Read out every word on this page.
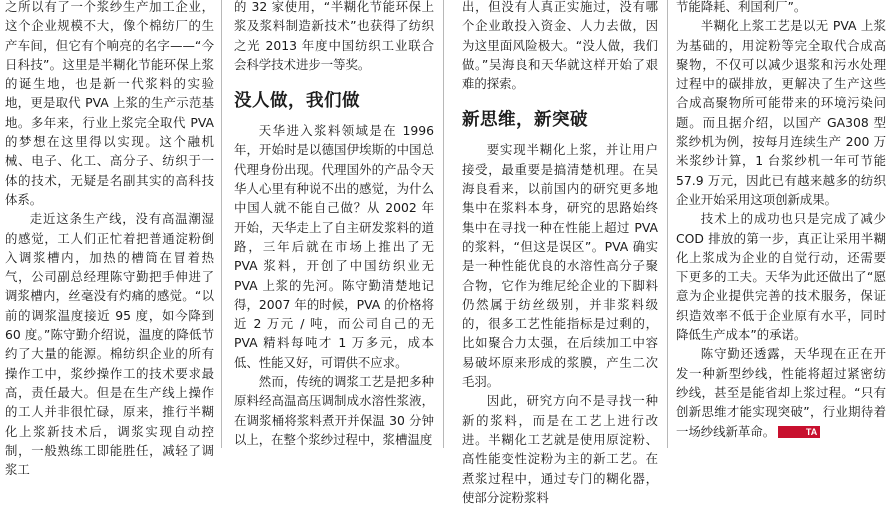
之所以有了一个浆纱生产加工企业，这个企业规模不大，像个棉纺厂的生产车间，但它有个响亮的名字——“今日科技”。这里是半糊化节能环保上浆的诞生地，也是新一代浆料的实验地，更是取代 PVA 上浆的生产示范基地。多年来，行业上浆完全取代 PVA 的梦想在这里得以实现。这个融机械、电子、化工、高分子、纺织于一体的技术，无疑是名副其实的高科技体系。

走近这条生产线，没有高温潮湿的感觉，工人们正忙着把普通淀粉倒入调浆槽内，加热的槽筒在冒着热气，公司副总经理陈守勤把手伸进了调浆槽内，丝毫没有灼痛的感觉。“以前的调浆温度接近 95 度，如今降到 60 度。”陈守勤介绍说，温度的降低节约了大量的能源。棉纺织企业的所有操作工中，浆纱操作工的技术要求最高，责任最大。但是在生产线上操作的工人并非很忙碌，原来，推行半糊化上浆新技术后，调浆实现自动控制，一般熟练工即能胜任，减轻了调浆工

的 32 家使用，“半糊化节能环保上浆及浆料制造新技术”也获得了纺织之光 2013 年度中国纺织工业联合会科学技术进步一等奖。

没人做，我们做

天华进入浆料领域是在 1996 年，开始时是以德国伊埃斯的中国总代理身份出现。代理国外的产品令天华人心里有种说不出的感觉，为什么中国人就不能自己做？从 2002 年开始，天华走上了自主研发浆料的道路，三年后就在市场上推出了无 PVA 浆料，开创了中国纺织业无 PVA 上浆的先河。陈守勤清楚地记得，2007 年的时候，PVA 的价格将近 2 万元 / 吨，而公司自己的无 PVA 精料每吨才 1 万多元，成本低、性能又好，可谓供不应求。

然而，传统的调浆工艺是把多种原料经高温高压调制成水溶性浆液，在调浆桶将浆料煮开并保温 30 分钟以上，在整个浆纱过程中，浆槽温度

出，但没有人真正实施过，没有哪个企业敢投入资金、人力去做，因为这里面风险极大。“没人做，我们做。”吴海良和天华就这样开始了艰难的探索。

新思维，新突破

要实现半糊化上浆，并让用户接受，最重要是搞清楚机理。在吴海良看来，以前国内的研究更多地集中在浆料本身，研究的思路始终集中在寻找一种在性能上超过 PVA 的浆料，“但这是误区”。PVA 确实是一种性能优良的水溶性高分子聚合物，它作为维尼纶企业的下脚料仍然属于纺丝级别，并非浆料级的，很多工艺性能指标是过剩的，比如聚合力太强，在后续加工中容易破坏原来形成的浆膜，产生二次毛羽。

因此，研究方向不是寻找一种新的浆料，而是在工艺上进行改进。半糊化工艺就是使用原淀粉、高性能变性淀粉为主的新工艺。在煮浆过程中，通过专门的糊化器，使部分淀粉浆料

节能降耗、利国利厂”。

半糊化上浆工艺是以无 PVA 上浆为基础的，用淀粉等完全取代合成高聚物，不仅可以减少退浆和污水处理过程中的碳排放，更解决了生产这些合成高聚物所可能带来的环境污染问题。而且据介绍，以国产 GA308 型浆纱机为例，按每月连续生产 200 万米浆纱计算，1 台浆纱机一年可节能 57.9 万元，因此已有越来越多的纺织企业开始采用这项创新成果。

技术上的成功也只是完成了减少 COD 排放的第一步，真正让采用半糊化上浆成为企业的自觉行动，还需要下更多的工夫。天华为此还做出了“愿意为企业提供完善的技术服务，保证织造效率不低于企业原有水平，同时降低生产成本”的承诺。

陈守勤还透露，天华现在正在开发一种新型纱线，性能将超过紧密纺纱线，甚至是能省却上浆过程。“只有创新思维才能实现突破”，行业期待着一场纱线新革命。	TA
